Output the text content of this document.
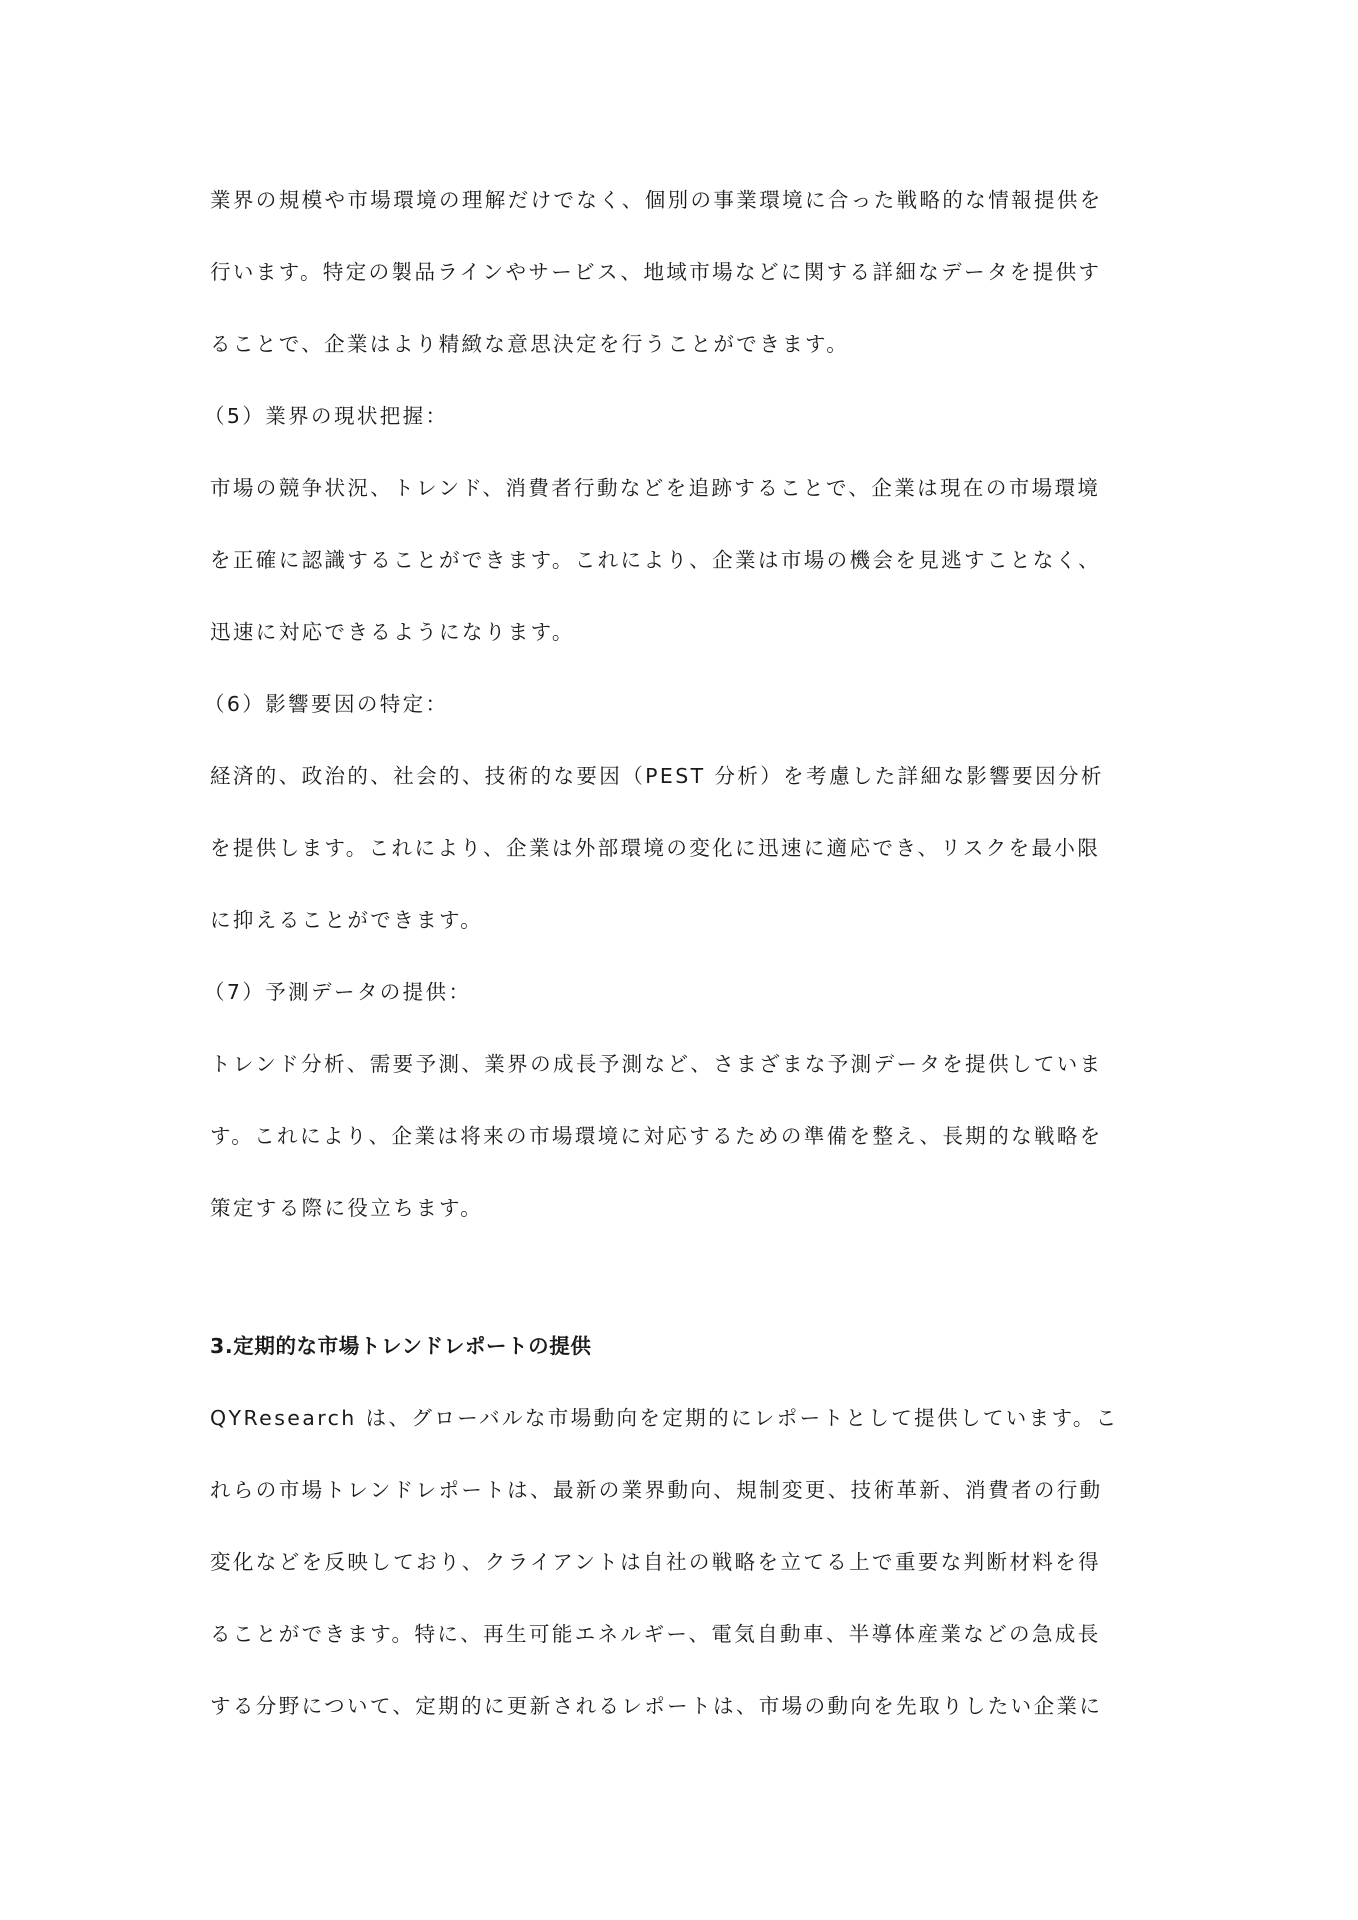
業界の規模や市場環境の理解だけでなく、個別の事業環境に合った戦略的な情報提供を
行います。特定の製品ラインやサービス、地域市場などに関する詳細なデータを提供す
ることで、企業はより精緻な意思決定を行うことができます。
（5）業界の現状把握：
市場の競争状況、トレンド、消費者行動などを追跡することで、企業は現在の市場環境
を正確に認識することができます。これにより、企業は市場の機会を見逃すことなく、
迅速に対応できるようになります。
（6）影響要因の特定：
経済的、政治的、社会的、技術的な要因（PEST 分析）を考慮した詳細な影響要因分析
を提供します。これにより、企業は外部環境の変化に迅速に適応でき、リスクを最小限
に抑えることができます。
（7）予測データの提供：
トレンド分析、需要予測、業界の成長予測など、さまざまな予測データを提供していま
す。これにより、企業は将来の市場環境に対応するための準備を整え、長期的な戦略を
策定する際に役立ちます。
3.定期的な市場トレンドレポートの提供
QYResearch は、グローバルな市場動向を定期的にレポートとして提供しています。こ
れらの市場トレンドレポートは、最新の業界動向、規制変更、技術革新、消費者の行動
変化などを反映しており、クライアントは自社の戦略を立てる上で重要な判断材料を得
ることができます。特に、再生可能エネルギー、電気自動車、半導体産業などの急成長
する分野について、定期的に更新されるレポートは、市場の動向を先取りしたい企業に
